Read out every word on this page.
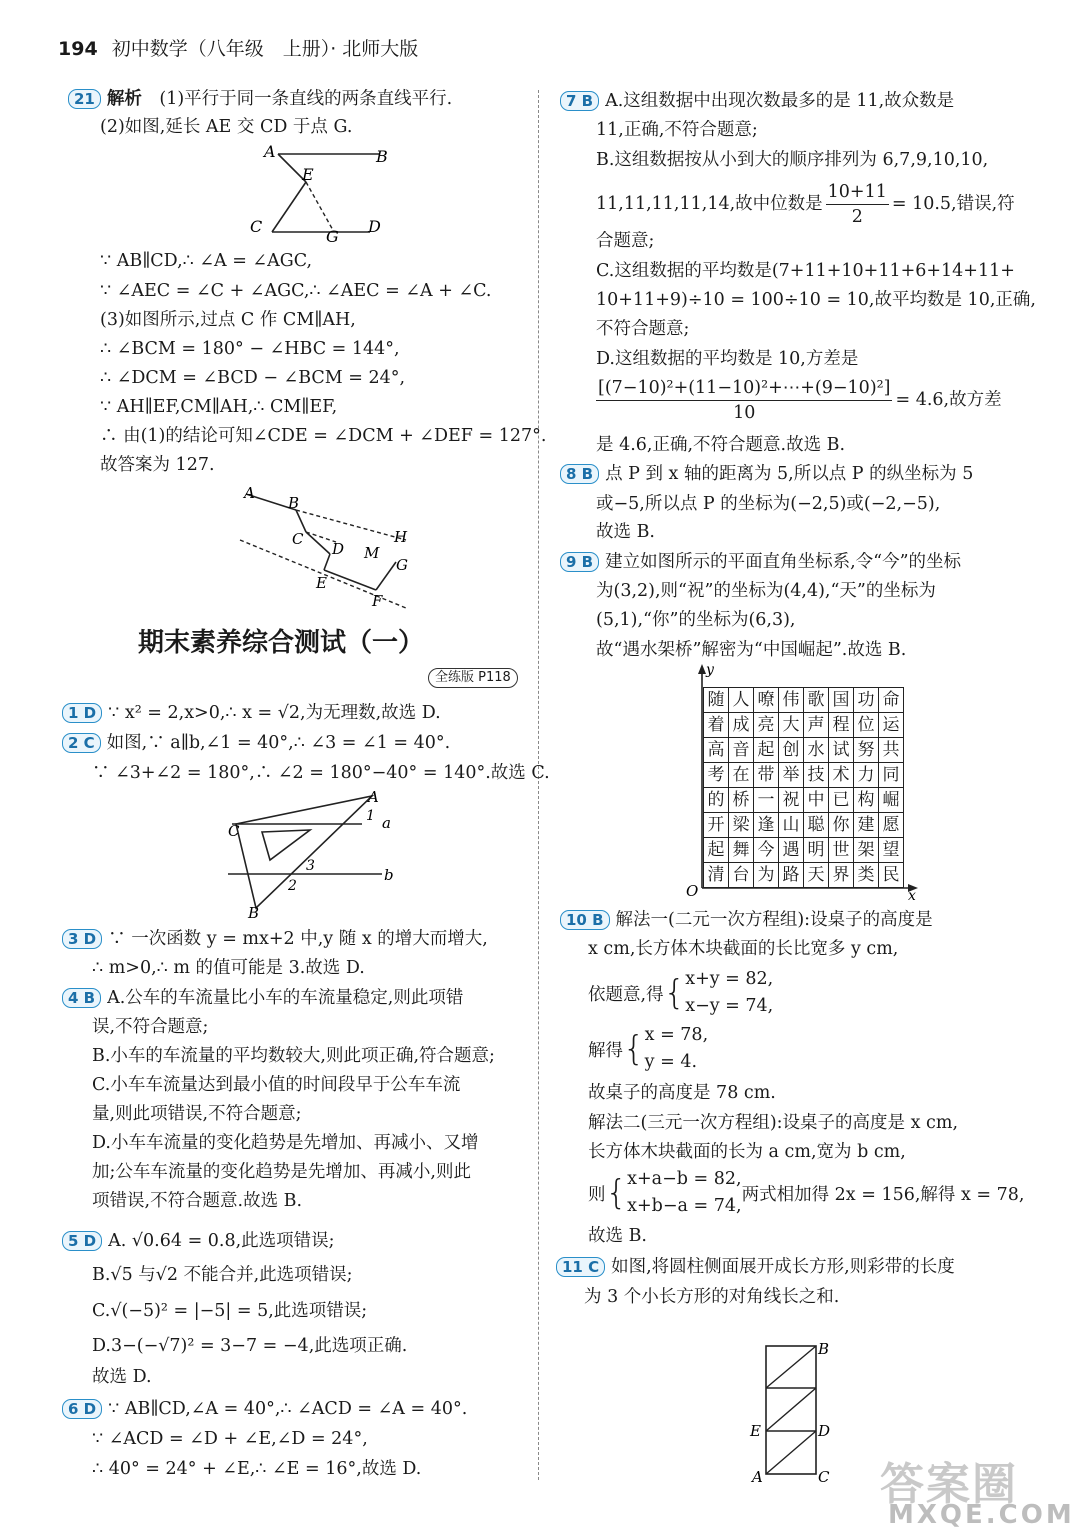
194 初中数学（八年级　上册）· 北师大版
21 解析　 (1)平行于同一条直线的两条直线平行.
(2)如图,延长 AE 交 CD 于点 G.
A	B
E
C
G
D
∵ AB∥CD,∴ ∠A = ∠AGC,
∵ ∠AEC = ∠C + ∠AGC,∴ ∠AEC = ∠A + ∠C.
(3)如图所示,过点 C 作 CM∥AH,
∴ ∠BCM = 180° − ∠HBC = 144°,
∴ ∠DCM = ∠BCD − ∠BCM = 24°,
∵ AH∥EF,CM∥AH,∴ CM∥EF,
∴ 由(1)的结论可知∠CDE = ∠DCM + ∠DEF = 127°.
故答案为 127.
A
B
C
D M
H
G
E
F
期末素养综合测试（一）
全练版 P118
1 D ∵ x² = 2,x>0,∴ x = √2,为无理数,故选 D.
2 C 如图,∵ a∥b,∠1 = 40°,∴ ∠3 = ∠1 = 40°.
∵ ∠3+∠2 = 180°,∴ ∠2 = 180°−40° = 140°.故选 C.
A
1 a
C
3
2
b
B
3 D ∵ 一次函数 y = mx+2 中,y 随 x 的增大而增大,
∴ m>0,∴ m 的值可能是 3.故选 D.
4 B A.公车的车流量比小车的车流量稳定,则此项错
误,不符合题意;
B.小车的车流量的平均数较大,则此项正确,符合题意;
C.小车车流量达到最小值的时间段早于公车车流
量,则此项错误,不符合题意;
D.小车车流量的变化趋势是先增加、再减小、又增
加;公车车流量的变化趋势是先增加、再减小,则此
项错误,不符合题意.故选 B.
5 D A. √0.64 = 0.8,此选项错误;
B.√5 与√2 不能合并,此选项错误;
C.√(−5)² = |−5| = 5,此选项错误;
D.3−(−√7)² = 3−7 = −4,此选项正确.
故选 D.
6 D ∵ AB∥CD,∠A = 40°,∴ ∠ACD = ∠A = 40°.
∵ ∠ACD = ∠D + ∠E,∠D = 24°,
∴ 40° = 24° + ∠E,∴ ∠E = 16°,故选 D.
7 B A.这组数据中出现次数最多的是 11,故众数是
11,正确,不符合题意;
B.这组数据按从小到大的顺序排列为 6,7,9,10,10,
11,11,11,11,14,故中位数是 $\frac{10+11}{2} = 10.5$,错误,符
合题意;
C.这组数据的平均数是(7+11+10+11+6+14+11+
10+11+9)÷10 = 100÷10 = 10,故平均数是 10,正确,
不符合题意;
D.这组数据的平均数是 10,方差是
$\frac{\text{[(7−10)²+(11−10)²+⋯+(9−10)²]}}{10} = 4.6$,故方差
是 4.6,正确,不符合题意.故选 B.
8 B 点 P 到 x 轴的距离为 5,所以点 P 的纵坐标为 5
或−5,所以点 P 的坐标为(−2,5)或(−2,−5),
故选 B.
9 B 建立如图所示的平面直角坐标系,令“今”的坐标
为(3,2),则“祝”的坐标为(4,4),“天”的坐标为
(5,1),“你”的坐标为(6,3),
故“遇水架桥”解密为“中国崛起”.故选 B.
y
x
O
随	人	嘹	伟	歌	国	功	命
着	成	亮	大	声	程	位	运
高	音	起	创	水	试	努	共
考	在	带	举	技	术	力	同
的	桥	一	祝	中	已	构	崛
开	梁	逢	山	聪	你	建	愿
起	舞	今	遇	明	世	架	望
清	台	为	路	天	界	类	民
10 B 解法一(二元一次方程组):设桌子的高度是
x cm,长方体木块截面的长比宽多 y cm,
依题意,得 { x+y = 82,
x−y = 74,
解得 { x = 78,
y = 4.
故桌子的高度是 78 cm.
解法二(三元一次方程组):设桌子的高度是 x cm,
长方体木块截面的长为 a cm,宽为 b cm,
则 { x+a−b = 82,
x+b−a = 74,
两式相加得 2x = 156,解得 x = 78,
故选 B.
11 C 如图,将圆柱侧面展开成长方形,则彩带的长度
为 3 个小长方形的对角线长之和.
B
E	D
A	C 答案圈
MXQE.COM
